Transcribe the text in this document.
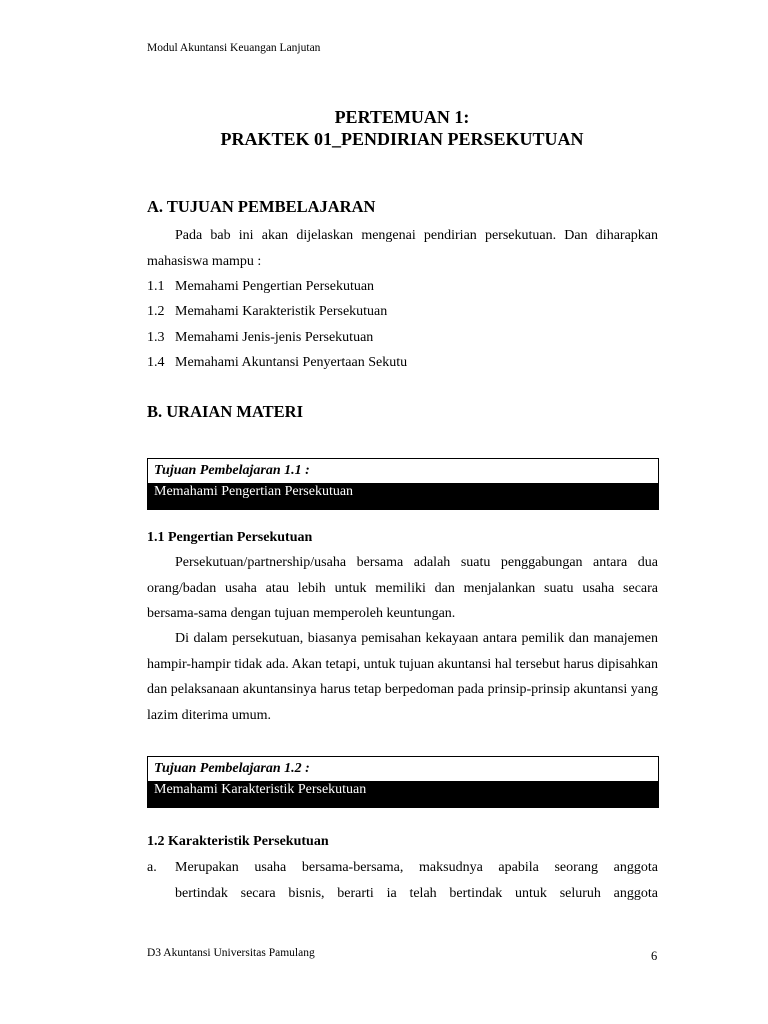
Modul Akuntansi Keuangan Lanjutan
PERTEMUAN 1:
PRAKTEK 01_PENDIRIAN PERSEKUTUAN
A. TUJUAN PEMBELAJARAN
Pada bab ini akan dijelaskan mengenai pendirian persekutuan. Dan diharapkan mahasiswa mampu :
1.1 Memahami Pengertian Persekutuan
1.2 Memahami Karakteristik Persekutuan
1.3 Memahami Jenis-jenis Persekutuan
1.4 Memahami Akuntansi Penyertaan Sekutu
B. URAIAN MATERI
Tujuan Pembelajaran 1.1 :
Memahami Pengertian Persekutuan
1.1 Pengertian Persekutuan
Persekutuan/partnership/usaha bersama adalah suatu penggabungan antara dua orang/badan usaha atau lebih untuk memiliki dan menjalankan suatu usaha secara bersama-sama dengan tujuan memperoleh keuntungan.
Di dalam persekutuan, biasanya pemisahan kekayaan antara pemilik dan manajemen hampir-hampir tidak ada. Akan tetapi, untuk tujuan akuntansi hal tersebut harus dipisahkan dan pelaksanaan akuntansinya harus tetap berpedoman pada prinsip-prinsip akuntansi yang lazim diterima umum.
Tujuan Pembelajaran 1.2 :
Memahami Karakteristik Persekutuan
1.2 Karakteristik Persekutuan
a.	Merupakan usaha bersama-bersama, maksudnya apabila seorang anggota
bertindak secara bisnis, berarti ia telah bertindak untuk seluruh anggota
D3 Akuntansi Universitas Pamulang	6
